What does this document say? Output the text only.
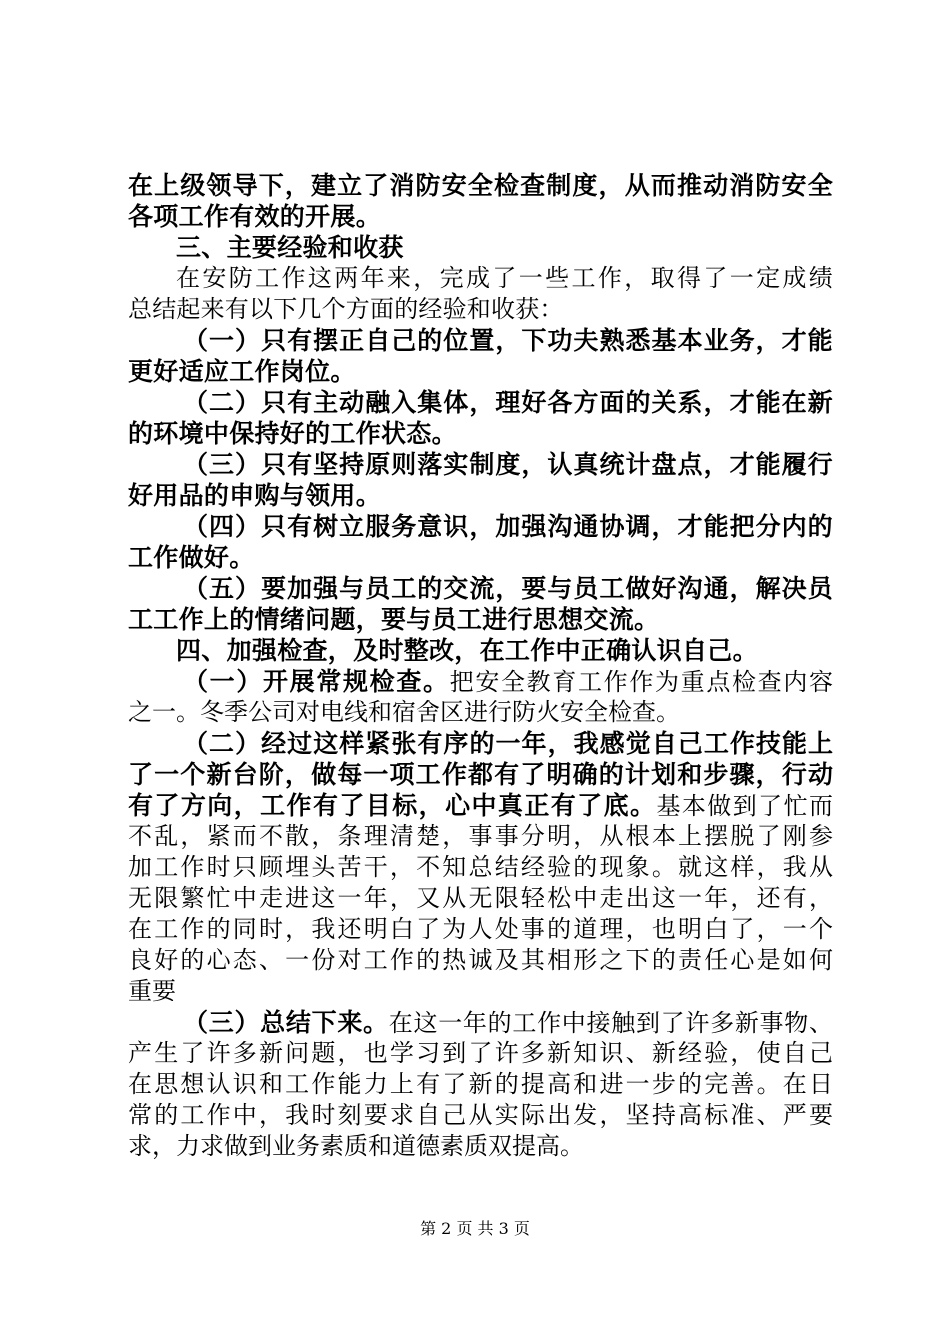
在上级领导下，建立了消防安全检查制度，从而推动消防安全
各项工作有效的开展。
三、主要经验和收获
在安防工作这两年来，完成了一些工作，取得了一定成绩
总结起来有以下几个方面的经验和收获：
（一）只有摆正自己的位置，下功夫熟悉基本业务，才能
更好适应工作岗位。
（二）只有主动融入集体，理好各方面的关系，才能在新
的环境中保持好的工作状态。
（三）只有坚持原则落实制度，认真统计盘点，才能履行
好用品的申购与领用。
（四）只有树立服务意识，加强沟通协调，才能把分内的
工作做好。
（五）要加强与员工的交流，要与员工做好沟通，解决员
工工作上的情绪问题，要与员工进行思想交流。
四、加强检查，及时整改，在工作中正确认识自己。
（一）开展常规检查。把安全教育工作作为重点检查内容
之一。冬季公司对电线和宿舍区进行防火安全检查。
（二）经过这样紧张有序的一年，我感觉自己工作技能上
了一个新台阶，做每一项工作都有了明确的计划和步骤，行动
有了方向，工作有了目标，心中真正有了底。基本做到了忙而
不乱，紧而不散，条理清楚，事事分明，从根本上摆脱了刚参
加工作时只顾埋头苦干，不知总结经验的现象。就这样，我从
无限繁忙中走进这一年，又从无限轻松中走出这一年，还有，
在工作的同时，我还明白了为人处事的道理，也明白了，一个
良好的心态、一份对工作的热诚及其相形之下的责任心是如何
重要
（三）总结下来。在这一年的工作中接触到了许多新事物、
产生了许多新问题，也学习到了许多新知识、新经验，使自己
在思想认识和工作能力上有了新的提高和进一步的完善。在日
常的工作中，我时刻要求自己从实际出发，坚持高标准、严要
求，力求做到业务素质和道德素质双提高。
第 2 页 共 3 页
